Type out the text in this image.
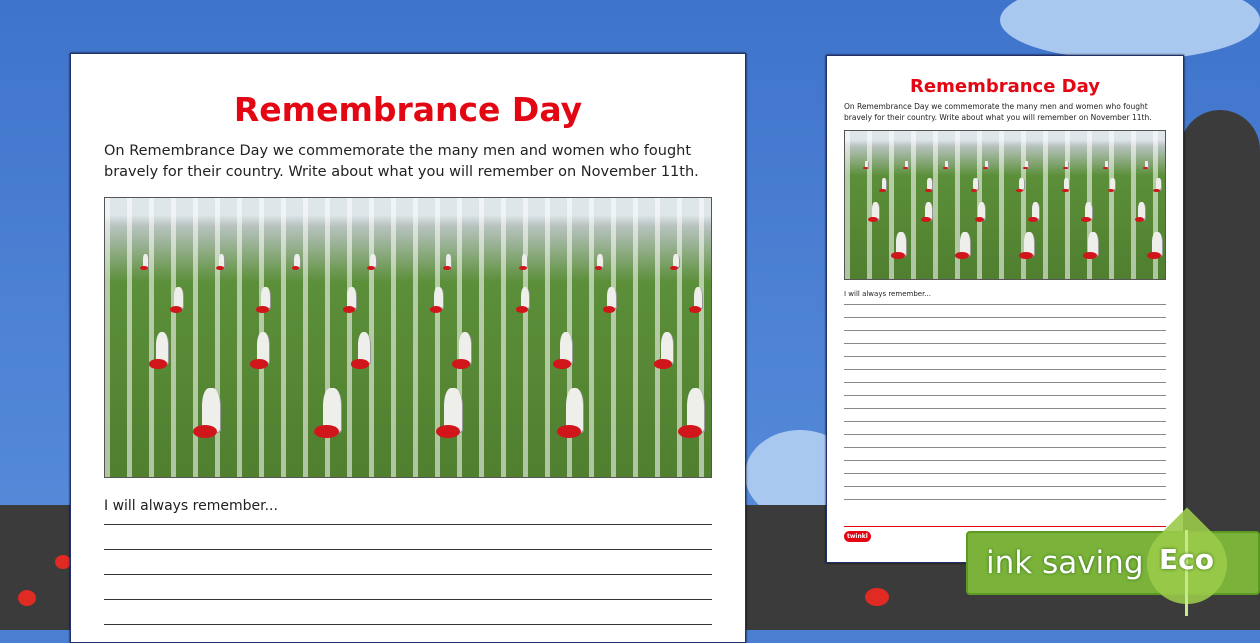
Remembrance Day
On Remembrance Day we commemorate the many men and women who fought bravely for their country. Write about what you will remember on November 11th.
I will always remember...
Remembrance Day
On Remembrance Day we commemorate the many men and women who fought bravely for their country. Write about what you will remember on November 11th.
I will always remember...
twinkl
ink saving Eco
